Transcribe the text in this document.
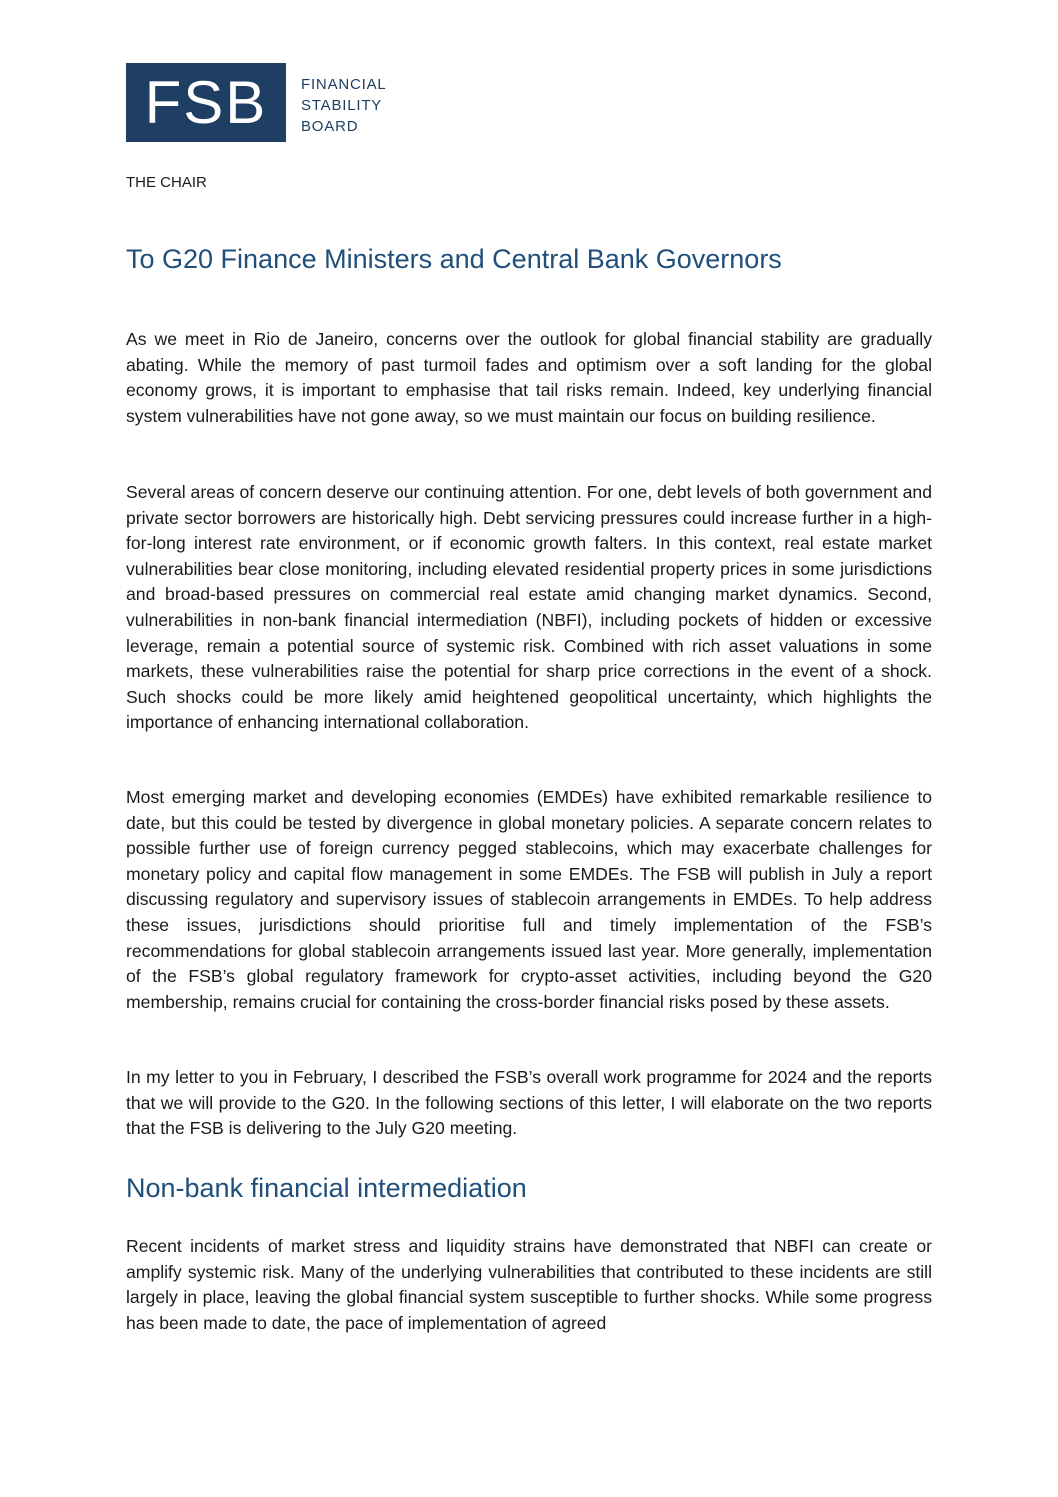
FSB	FINANCIAL
STABILITY
BOARD
THE CHAIR
To G20 Finance Ministers and Central Bank Governors

As we meet in Rio de Janeiro, concerns over the outlook for global financial stability are gradually abating. While the memory of past turmoil fades and optimism over a soft landing for the global economy grows, it is important to emphasise that tail risks remain. Indeed, key underlying financial system vulnerabilities have not gone away, so we must maintain our focus on building resilience.

Several areas of concern deserve our continuing attention. For one, debt levels of both government and private sector borrowers are historically high. Debt servicing pressures could increase further in a high-for-long interest rate environment, or if economic growth falters. In this context, real estate market vulnerabilities bear close monitoring, including elevated residential property prices in some jurisdictions and broad-based pressures on commercial real estate amid changing market dynamics. Second, vulnerabilities in non-bank financial intermediation (NBFI), including pockets of hidden or excessive leverage, remain a potential source of systemic risk. Combined with rich asset valuations in some markets, these vulnerabilities raise the potential for sharp price corrections in the event of a shock. Such shocks could be more likely amid heightened geopolitical uncertainty, which highlights the importance of enhancing international collaboration.

Most emerging market and developing economies (EMDEs) have exhibited remarkable resilience to date, but this could be tested by divergence in global monetary policies. A separate concern relates to possible further use of foreign currency pegged stablecoins, which may exacerbate challenges for monetary policy and capital flow management in some EMDEs. The FSB will publish in July a report discussing regulatory and supervisory issues of stablecoin arrangements in EMDEs. To help address these issues, jurisdictions should prioritise full and timely implementation of the FSB’s recommendations for global stablecoin arrangements issued last year. More generally, implementation of the FSB’s global regulatory framework for crypto-asset activities, including beyond the G20 membership, remains crucial for containing the cross-border financial risks posed by these assets.

In my letter to you in February, I described the FSB’s overall work programme for 2024 and the reports that we will provide to the G20. In the following sections of this letter, I will elaborate on the two reports that the FSB is delivering to the July G20 meeting.

Non-bank financial intermediation

Recent incidents of market stress and liquidity strains have demonstrated that NBFI can create or amplify systemic risk. Many of the underlying vulnerabilities that contributed to these incidents are still largely in place, leaving the global financial system susceptible to further shocks. While some progress has been made to date, the pace of implementation of agreed
